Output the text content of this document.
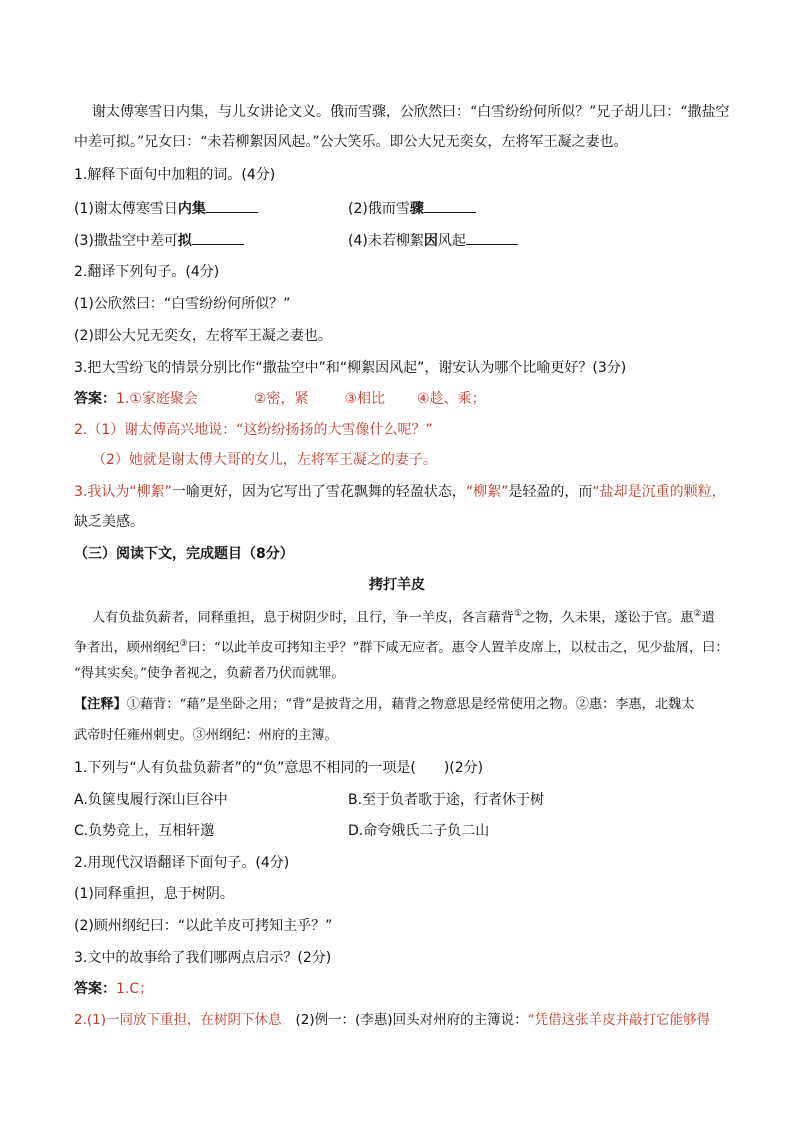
谢太傅寒雪日内集，与儿女讲论文义。俄而雪骤，公欣然曰：“白雪纷纷何所似？”兄子胡儿曰：“撒盐空
中差可拟。”兄女曰：“未若柳絮因风起。”公大笑乐。即公大兄无奕女，左将军王凝之妻也。
1.解释下面句中加粗的词。(4分)
(1)谢太傅寒雪日内集	(2)俄而雪骤
(3)撒盐空中差可拟	(4)未若柳絮因风起
2.翻译下列句子。(4分)
(1)公欣然曰：“白雪纷纷何所似？”
(2)即公大兄无奕女，左将军王凝之妻也。
3.把大雪纷飞的情景分别比作“撒盐空中”和“柳絮因风起”，谢安认为哪个比喻更好？(3分)
答案：1.①家庭聚会	②密，紧	③相比 ④趁、乘；
2.（1）谢太傅高兴地说：“这纷纷扬扬的大雪像什么呢？”
（2）她就是谢太傅大哥的女儿，左将军王凝之的妻子。
3.我认为“柳絮”一喻更好，因为它写出了雪花飘舞的轻盈状态，“柳絮”是轻盈的，而“盐却是沉重的颗粒，
缺乏美感。
（三）阅读下文，完成题目（8分）
拷打羊皮
人有负盐负薪者，同释重担，息于树阴少时，且行，争一羊皮，各言藉背①之物，久未果，遂讼于官。惠②遣
争者出，顾州纲纪③曰：“以此羊皮可拷知主乎？”群下咸无应者。惠令人置羊皮席上，以杖击之，见少盐屑，曰：
“得其实矣。”使争者视之，负薪者乃伏而就罪。
【注释】①藉背：“藉”是坐卧之用；“背”是披背之用，藉背之物意思是经常使用之物。②惠：李惠，北魏太
武帝时任雍州刺史。③州纲纪：州府的主簿。
1.下列与“人有负盐负薪者”的“负”意思不相同的一项是(　　)(2分)
A.负箧曳履行深山巨谷中	B.至于负者歌于途，行者休于树
C.负势竞上，互相轩邈	D.命夸娥氏二子负二山
2.用现代汉语翻译下面句子。(4分)
(1)同释重担，息于树阴。
(2)顾州纲纪曰：“以此羊皮可拷知主乎？”
3.文中的故事给了我们哪两点启示？(2分)
答案：1.C；
2.(1)一同放下重担，在树阴下休息 (2)例一：(李惠)回头对州府的主簿说：“凭借这张羊皮并敲打它能够得
